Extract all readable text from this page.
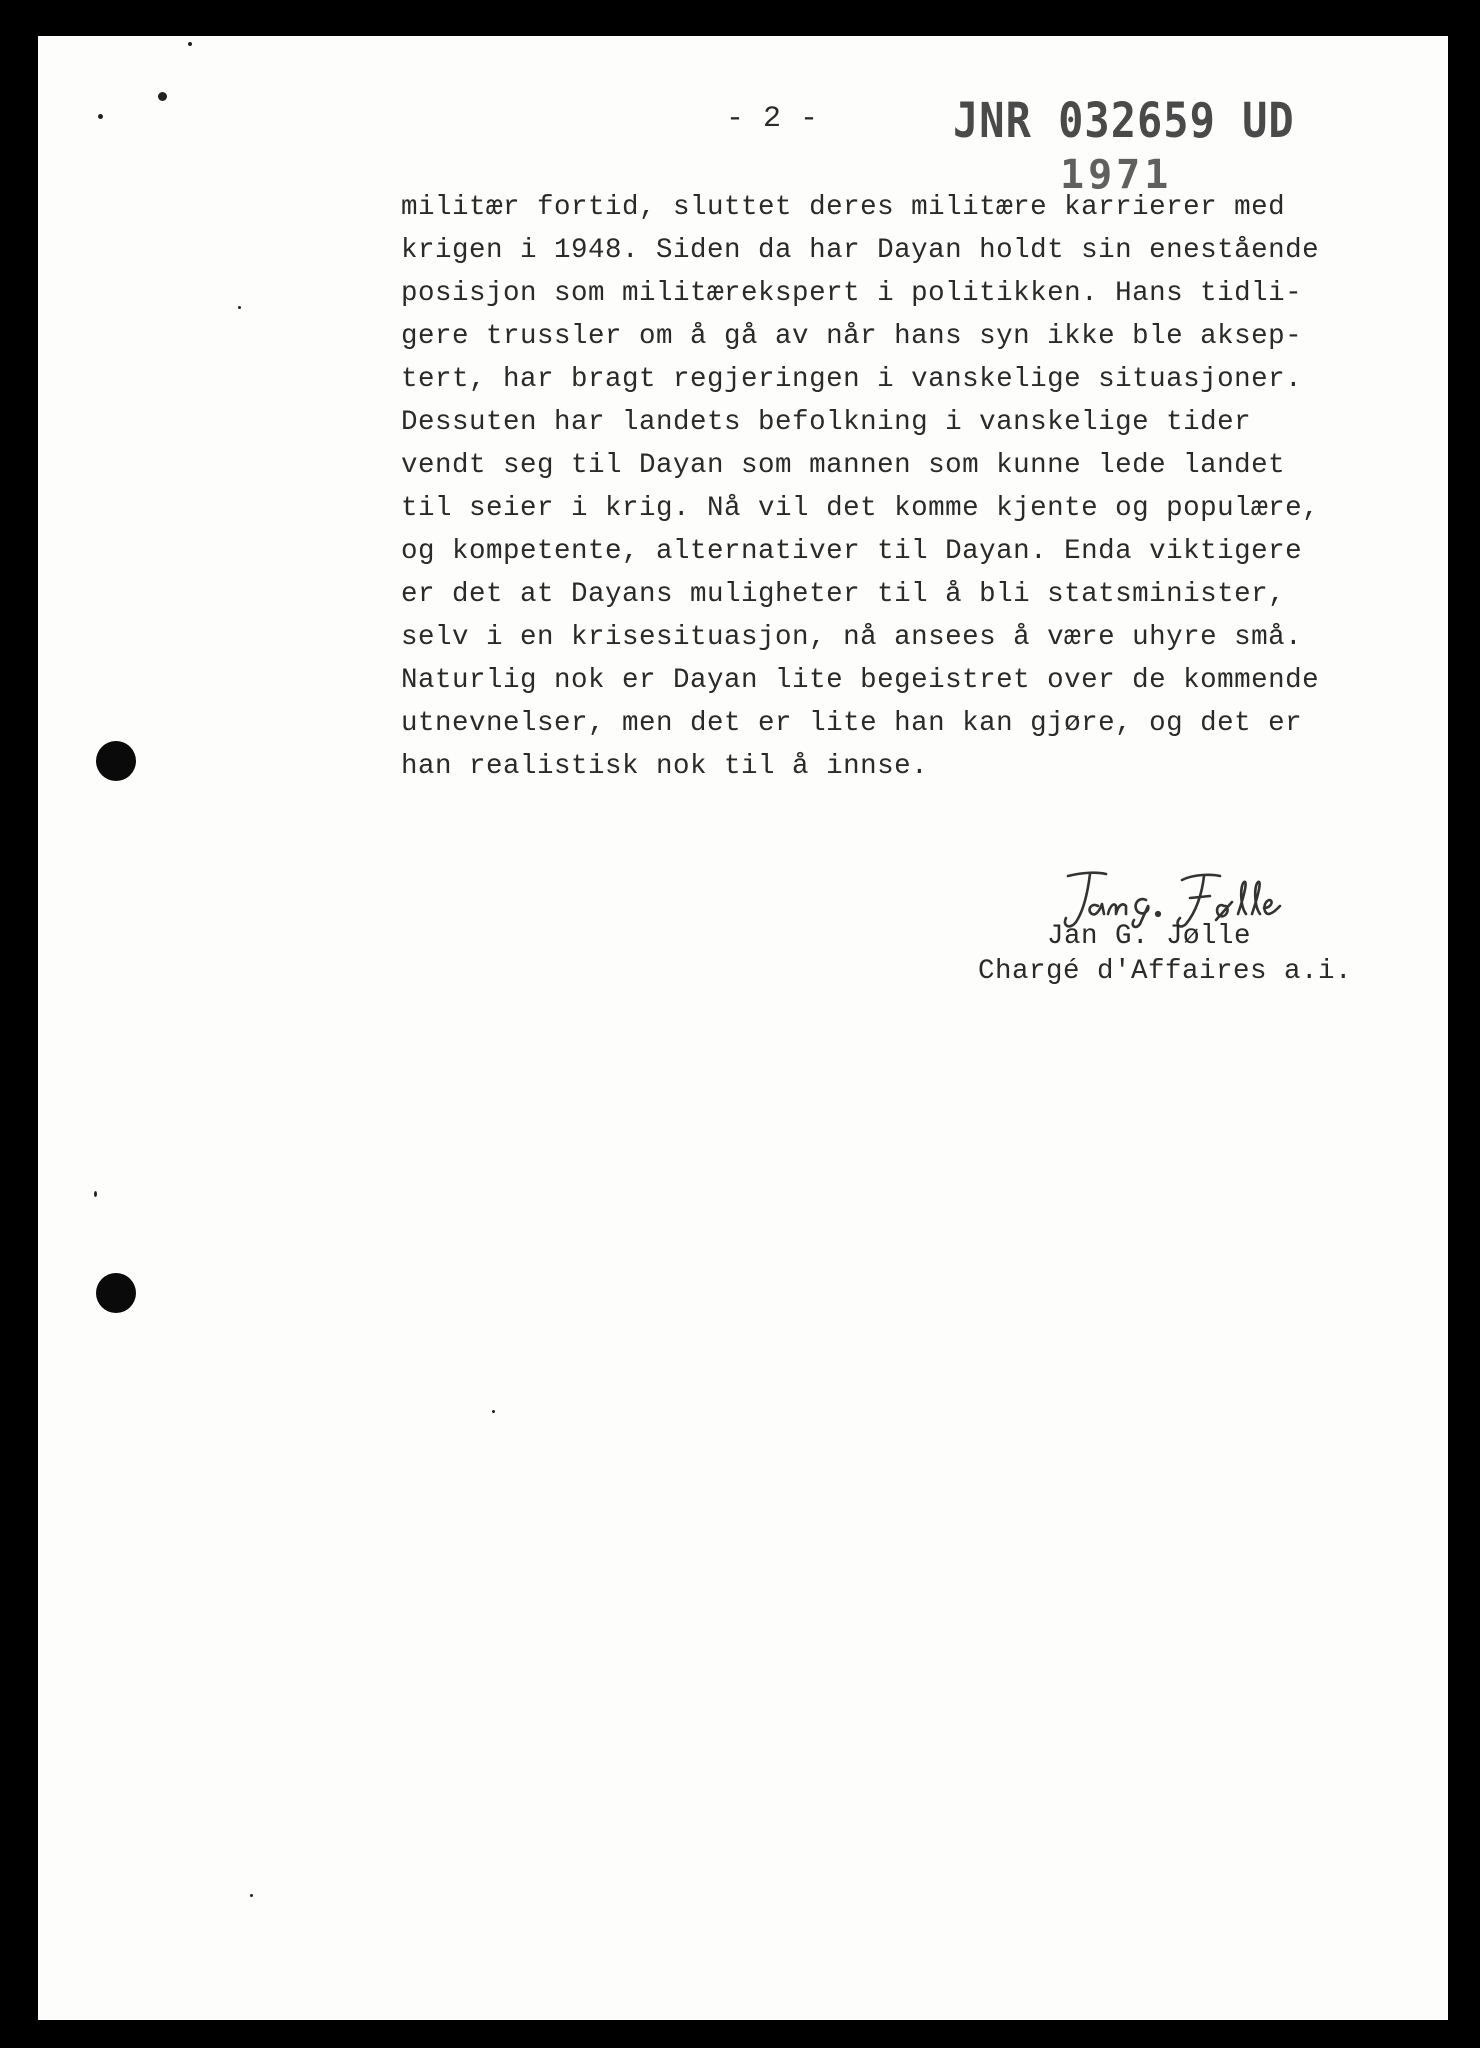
- 2 -	JNR 032659 UD
1971

militær fortid, sluttet deres militære karrierer med
krigen i 1948. Siden da har Dayan holdt sin enestående
posisjon som militærekspert i politikken. Hans tidli-
gere trussler om å gå av når hans syn ikke ble aksep-
tert, har bragt regjeringen i vanskelige situasjoner.
Dessuten har landets befolkning i vanskelige tider
vendt seg til Dayan som mannen som kunne lede landet
til seier i krig. Nå vil det komme kjente og populære,
og kompetente, alternativer til Dayan. Enda viktigere
er det at Dayans muligheter til å bli statsminister,
selv i en krisesituasjon, nå ansees å være uhyre små.
Naturlig nok er Dayan lite begeistret over de kommende
utnevnelser, men det er lite han kan gjøre, og det er
han realistisk nok til å innse.

Jan G. Jølle
Chargé d'Affaires a.i.
